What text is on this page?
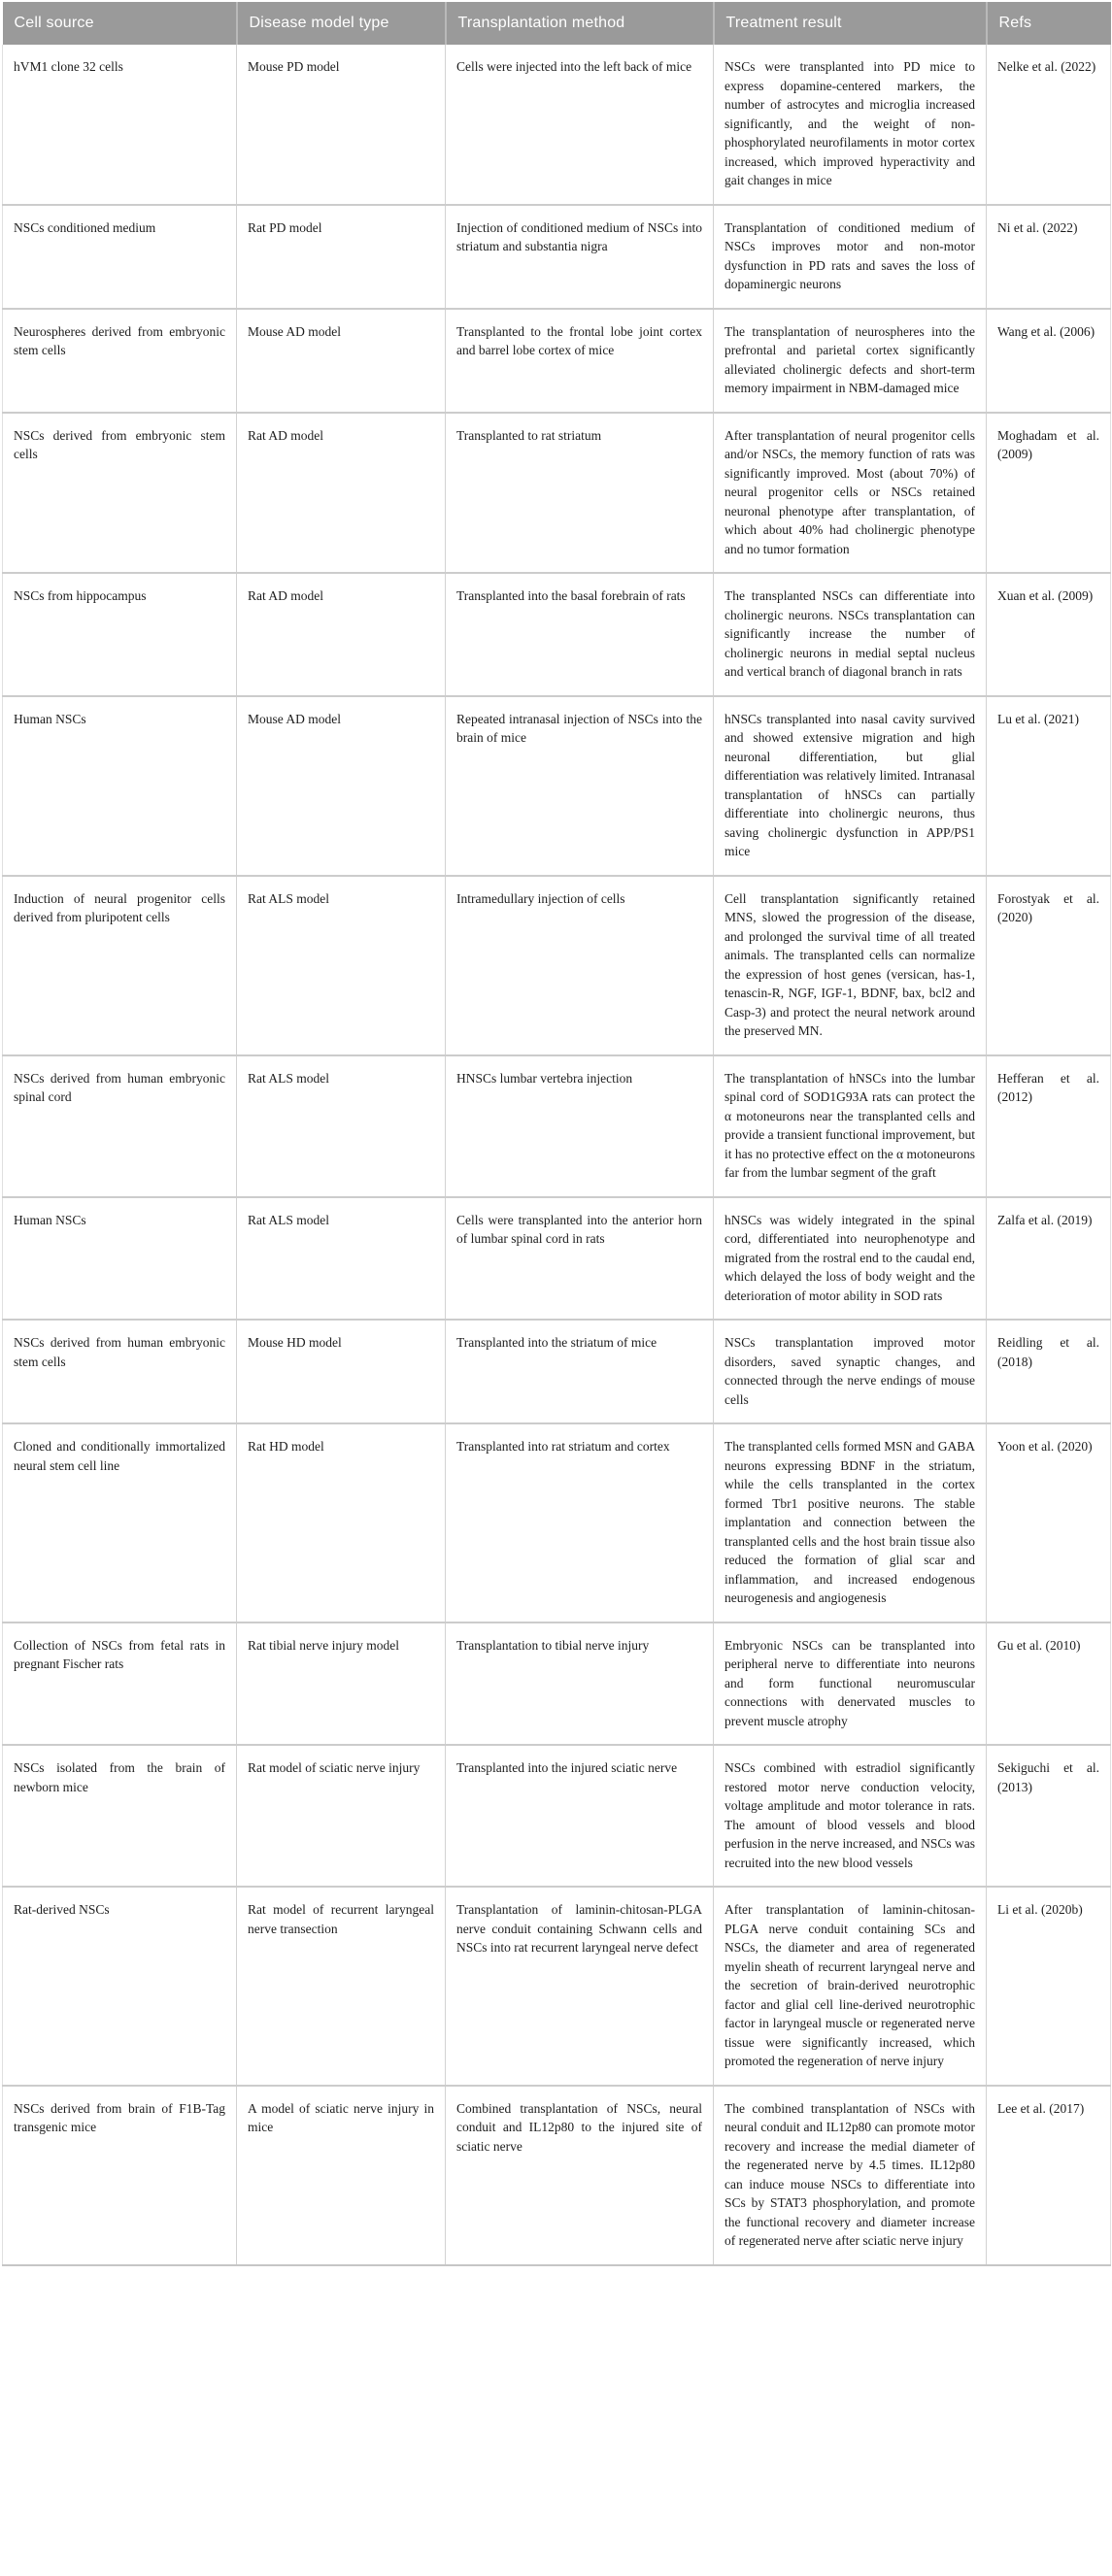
Cell source	Disease model type	Transplantation method	Treatment result	Refs
hVM1 clone 32 cells	Mouse PD model	Cells were injected into the left back of mice	NSCs were transplanted into PD mice to express dopamine-centered markers, the number of astrocytes and microglia increased significantly, and the weight of non-phosphorylated neurofilaments in motor cortex increased, which improved hyperactivity and gait changes in mice	Nelke et al. (2022)
NSCs conditioned medium	Rat PD model	Injection of conditioned medium of NSCs into striatum and substantia nigra	Transplantation of conditioned medium of NSCs improves motor and non-motor dysfunction in PD rats and saves the loss of dopaminergic neurons	Ni et al. (2022)
Neurospheres derived from embryonic stem cells	Mouse AD model	Transplanted to the frontal lobe joint cortex and barrel lobe cortex of mice	The transplantation of neurospheres into the prefrontal and parietal cortex significantly alleviated cholinergic defects and short-term memory impairment in NBM-damaged mice	Wang et al. (2006)
NSCs derived from embryonic stem cells	Rat AD model	Transplanted to rat striatum	After transplantation of neural progenitor cells and/or NSCs, the memory function of rats was significantly improved. Most (about 70%) of neural progenitor cells or NSCs retained neuronal phenotype after transplantation, of which about 40% had cholinergic phenotype and no tumor formation	Moghadam et al. (2009)
NSCs from hippocampus	Rat AD model	Transplanted into the basal forebrain of rats	The transplanted NSCs can differentiate into cholinergic neurons. NSCs transplantation can significantly increase the number of cholinergic neurons in medial septal nucleus and vertical branch of diagonal branch in rats	Xuan et al. (2009)
Human NSCs	Mouse AD model	Repeated intranasal injection of NSCs into the brain of mice	hNSCs transplanted into nasal cavity survived and showed extensive migration and high neuronal differentiation, but glial differentiation was relatively limited. Intranasal transplantation of hNSCs can partially differentiate into cholinergic neurons, thus saving cholinergic dysfunction in APP/PS1 mice	Lu et al. (2021)
Induction of neural progenitor cells derived from pluripotent cells	Rat ALS model	Intramedullary injection of cells	Cell transplantation significantly retained MNS, slowed the progression of the disease, and prolonged the survival time of all treated animals. The transplanted cells can normalize the expression of host genes (versican, has-1, tenascin-R, NGF, IGF-1, BDNF, bax, bcl2 and Casp-3) and protect the neural network around the preserved MN.	Forostyak et al. (2020)
NSCs derived from human embryonic spinal cord	Rat ALS model	HNSCs lumbar vertebra injection	The transplantation of hNSCs into the lumbar spinal cord of SOD1G93A rats can protect the α motoneurons near the transplanted cells and provide a transient functional improvement, but it has no protective effect on the α motoneurons far from the lumbar segment of the graft	Hefferan et al. (2012)
Human NSCs	Rat ALS model	Cells were transplanted into the anterior horn of lumbar spinal cord in rats	hNSCs was widely integrated in the spinal cord, differentiated into neurophenotype and migrated from the rostral end to the caudal end, which delayed the loss of body weight and the deterioration of motor ability in SOD rats	Zalfa et al. (2019)
NSCs derived from human embryonic stem cells	Mouse HD model	Transplanted into the striatum of mice	NSCs transplantation improved motor disorders, saved synaptic changes, and connected through the nerve endings of mouse cells	Reidling et al. (2018)
Cloned and conditionally immortalized neural stem cell line	Rat HD model	Transplanted into rat striatum and cortex	The transplanted cells formed MSN and GABA neurons expressing BDNF in the striatum, while the cells transplanted in the cortex formed Tbr1 positive neurons. The stable implantation and connection between the transplanted cells and the host brain tissue also reduced the formation of glial scar and inflammation, and increased endogenous neurogenesis and angiogenesis	Yoon et al. (2020)
Collection of NSCs from fetal rats in pregnant Fischer rats	Rat tibial nerve injury model	Transplantation to tibial nerve injury	Embryonic NSCs can be transplanted into peripheral nerve to differentiate into neurons and form functional neuromuscular connections with denervated muscles to prevent muscle atrophy	Gu et al. (2010)
NSCs isolated from the brain of newborn mice	Rat model of sciatic nerve injury	Transplanted into the injured sciatic nerve	NSCs combined with estradiol significantly restored motor nerve conduction velocity, voltage amplitude and motor tolerance in rats. The amount of blood vessels and blood perfusion in the nerve increased, and NSCs was recruited into the new blood vessels	Sekiguchi et al. (2013)
Rat-derived NSCs	Rat model of recurrent laryngeal nerve transection	Transplantation of laminin-chitosan-PLGA nerve conduit containing Schwann cells and NSCs into rat recurrent laryngeal nerve defect	After transplantation of laminin-chitosan-PLGA nerve conduit containing SCs and NSCs, the diameter and area of regenerated myelin sheath of recurrent laryngeal nerve and the secretion of brain-derived neurotrophic factor and glial cell line-derived neurotrophic factor in laryngeal muscle or regenerated nerve tissue were significantly increased, which promoted the regeneration of nerve injury	Li et al. (2020b)
NSCs derived from brain of F1B-Tag transgenic mice	A model of sciatic nerve injury in mice	Combined transplantation of NSCs, neural conduit and IL12p80 to the injured site of sciatic nerve	The combined transplantation of NSCs with neural conduit and IL12p80 can promote motor recovery and increase the medial diameter of the regenerated nerve by 4.5 times. IL12p80 can induce mouse NSCs to differentiate into SCs by STAT3 phosphorylation, and promote the functional recovery and diameter increase of regenerated nerve after sciatic nerve injury	Lee et al. (2017)
